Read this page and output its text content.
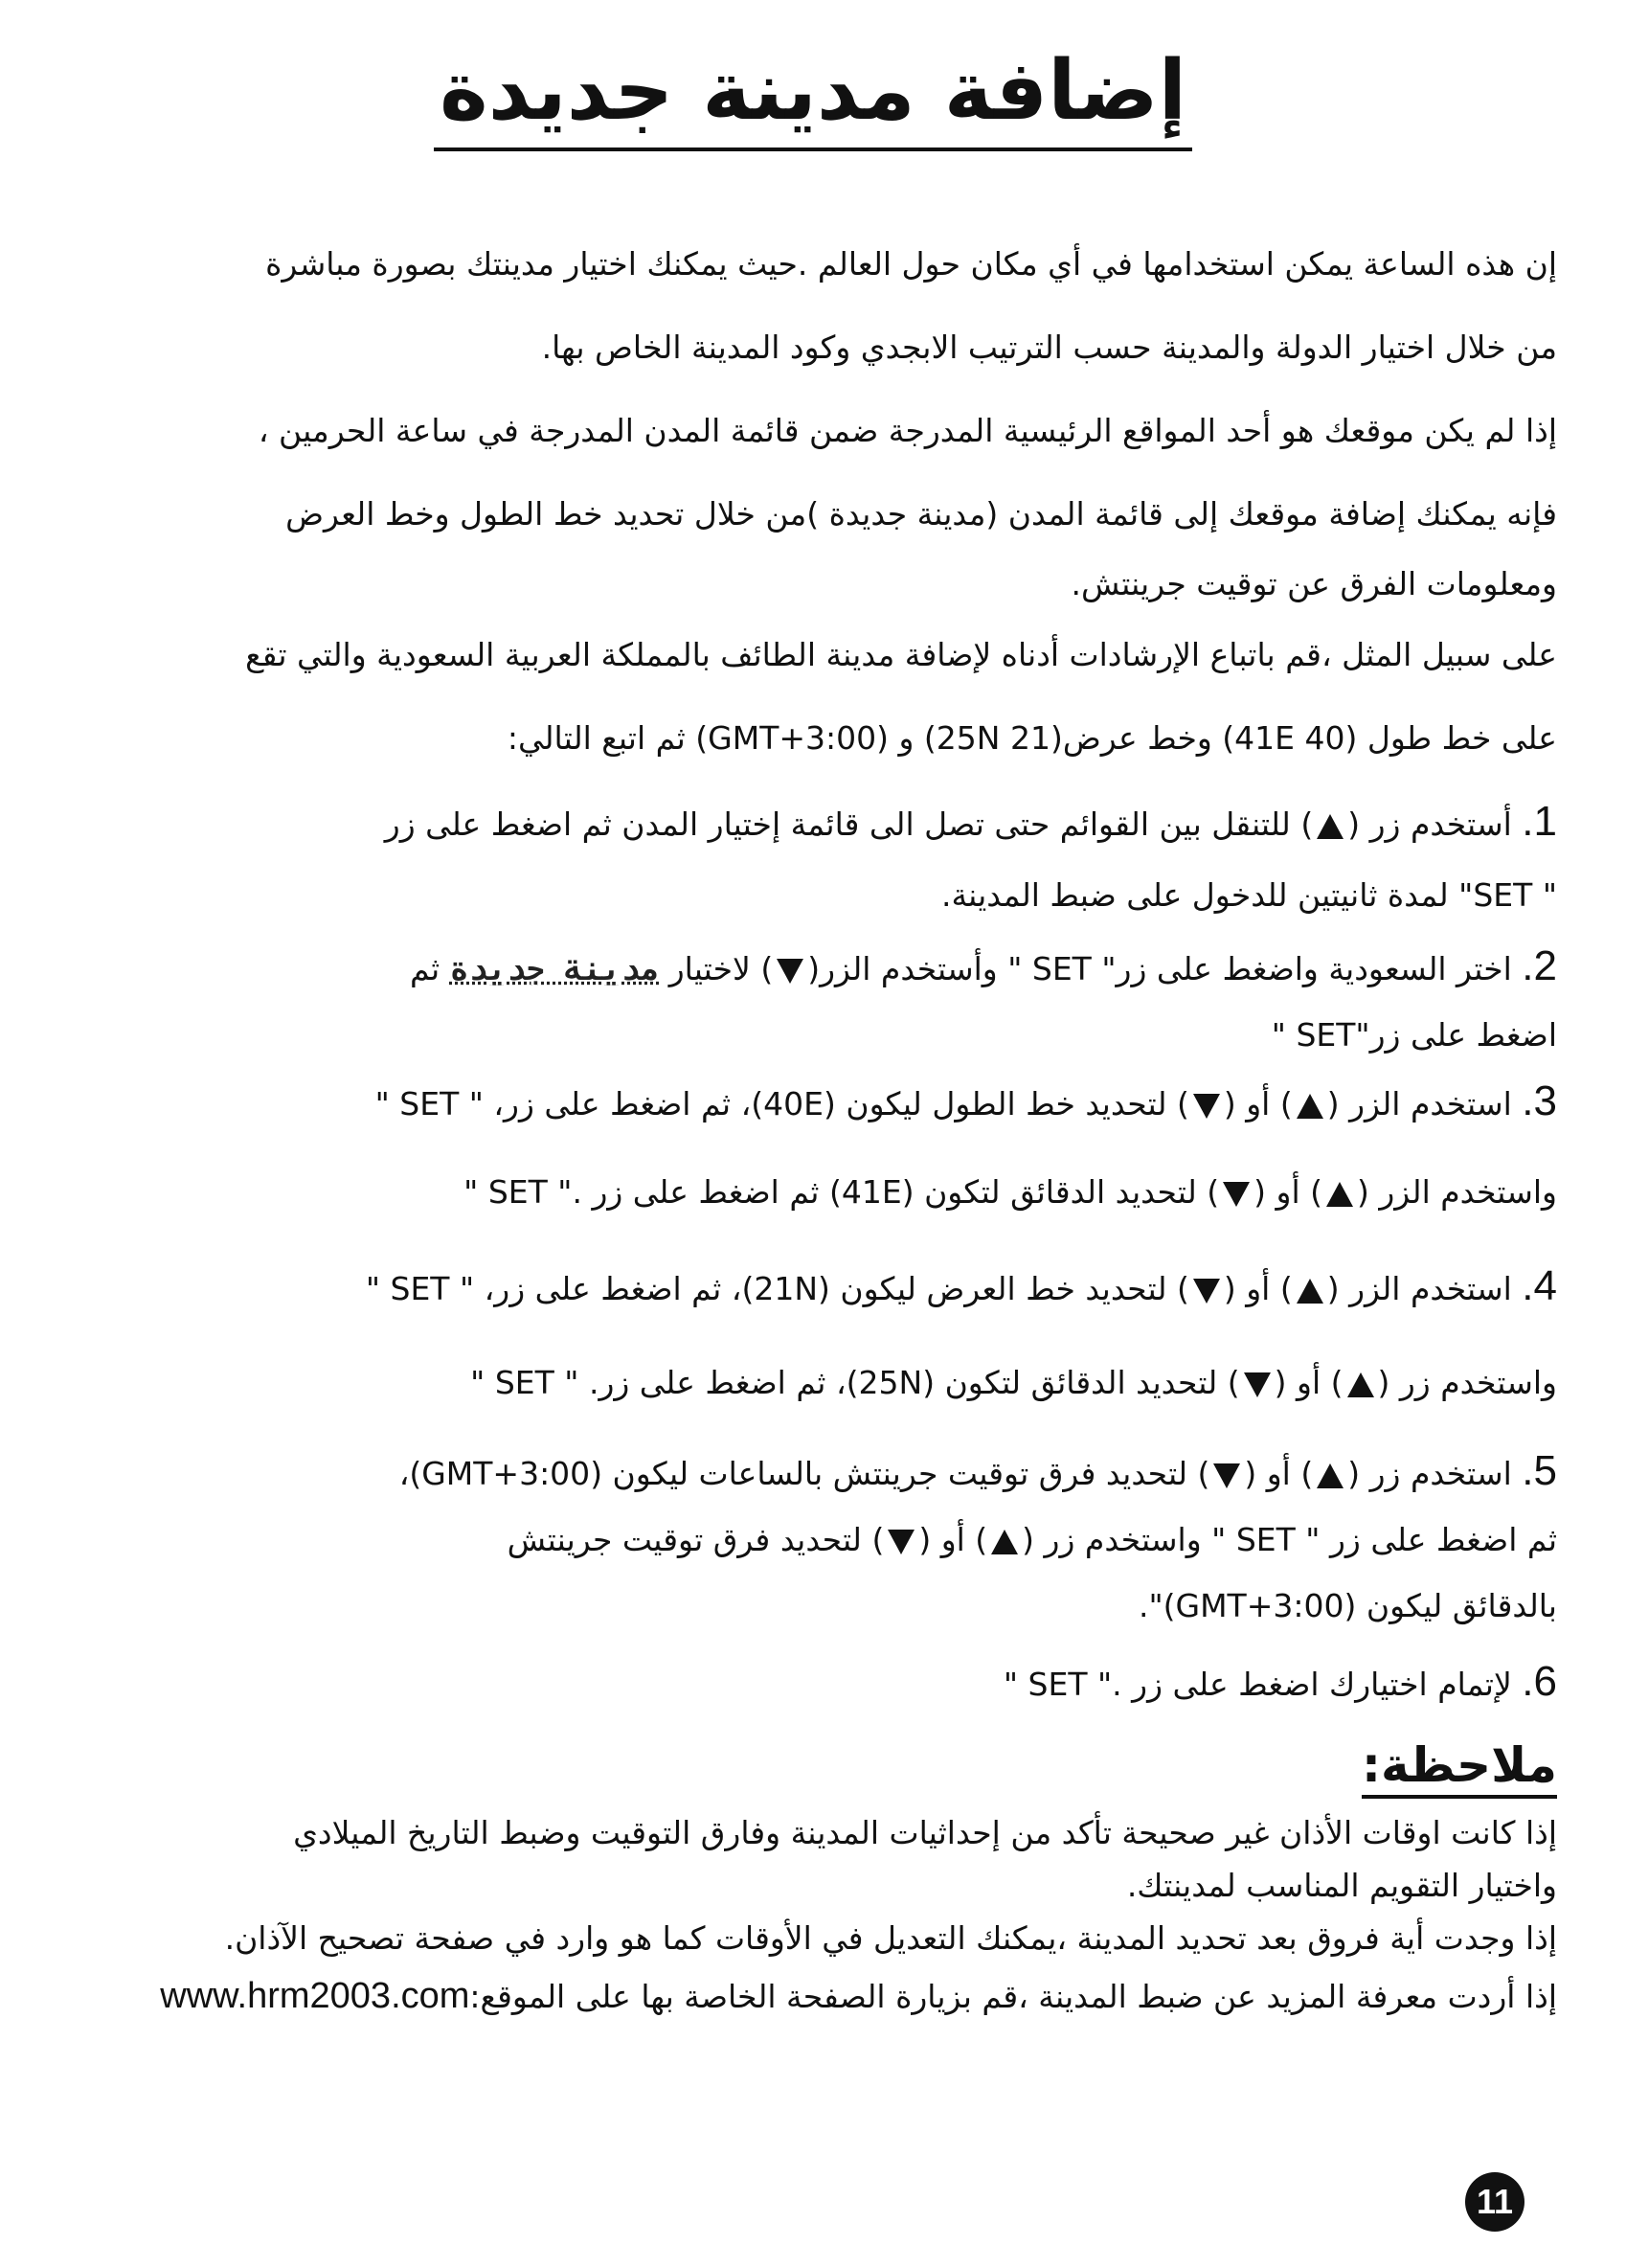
إضافة مدينة جديدة

إن هذه الساعة يمكن استخدامها في أي مكان حول العالم .حيث يمكنك اختيار مدينتك بصورة مباشرة

من خلال اختيار الدولة والمدينة حسب الترتيب الابجدي وكود المدينة الخاص بها.

إذا لم يكن موقعك هو أحد المواقع الرئيسية المدرجة ضمن قائمة المدن المدرجة في ساعة الحرمين ،

فإنه يمكنك إضافة موقعك إلى قائمة المدن (مدينة جديدة )من خلال تحديد خط الطول وخط العرض

ومعلومات الفرق عن توقيت جرينتش.

على سبيل المثل ،قم باتباع الإرشادات أدناه لإضافة مدينة الطائف بالمملكة العربية السعودية والتي تقع

على خط طول (40 41E) وخط عرض(21 25N) و (GMT+3:00) ثم اتبع التالي:

1. أستخدم زر () للتنقل بين القوائم حتى تصل الى قائمة إختيار المدن ثم اضغط على زر

" SET" لمدة ثانيتين للدخول على ضبط المدينة.

2. اختر السعودية واضغط على زر" SET " وأستخدم الزر() لاختيار مدينة جديدة ثم

اضغط على زر"SET "

3. استخدم الزر () أو () لتحديد خط الطول ليكون (40E)، ثم اضغط على زر، " SET "

واستخدم الزر () أو () لتحديد الدقائق لتكون (41E) ثم اضغط على زر ." SET "

4. استخدم الزر () أو () لتحديد خط العرض ليكون (21N)، ثم اضغط على زر، " SET "

واستخدم زر () أو () لتحديد الدقائق لتكون (25N)، ثم اضغط على زر. " SET "

5. استخدم زر () أو () لتحديد فرق توقيت جرينتش بالساعات ليكون (GMT+3:00)،

ثم اضغط على زر " SET " واستخدم زر () أو () لتحديد فرق توقيت جرينتش

بالدقائق ليكون (GMT+3:00)".

6. لإتمام اختيارك اضغط على زر ." SET "

ملاحظة:

إذا كانت اوقات الأذان غير صحيحة تأكد من إحداثيات المدينة وفارق التوقيت وضبط التاريخ الميلادي

واختيار التقويم المناسب لمدينتك.

إذا وجدت أية فروق بعد تحديد المدينة ،يمكنك التعديل في الأوقات كما هو وارد في صفحة تصحيح الآذان.

إذا أردت معرفة المزيد عن ضبط المدينة ،قم بزيارة الصفحة الخاصة بها على الموقع:www.hrm2003.com

11
